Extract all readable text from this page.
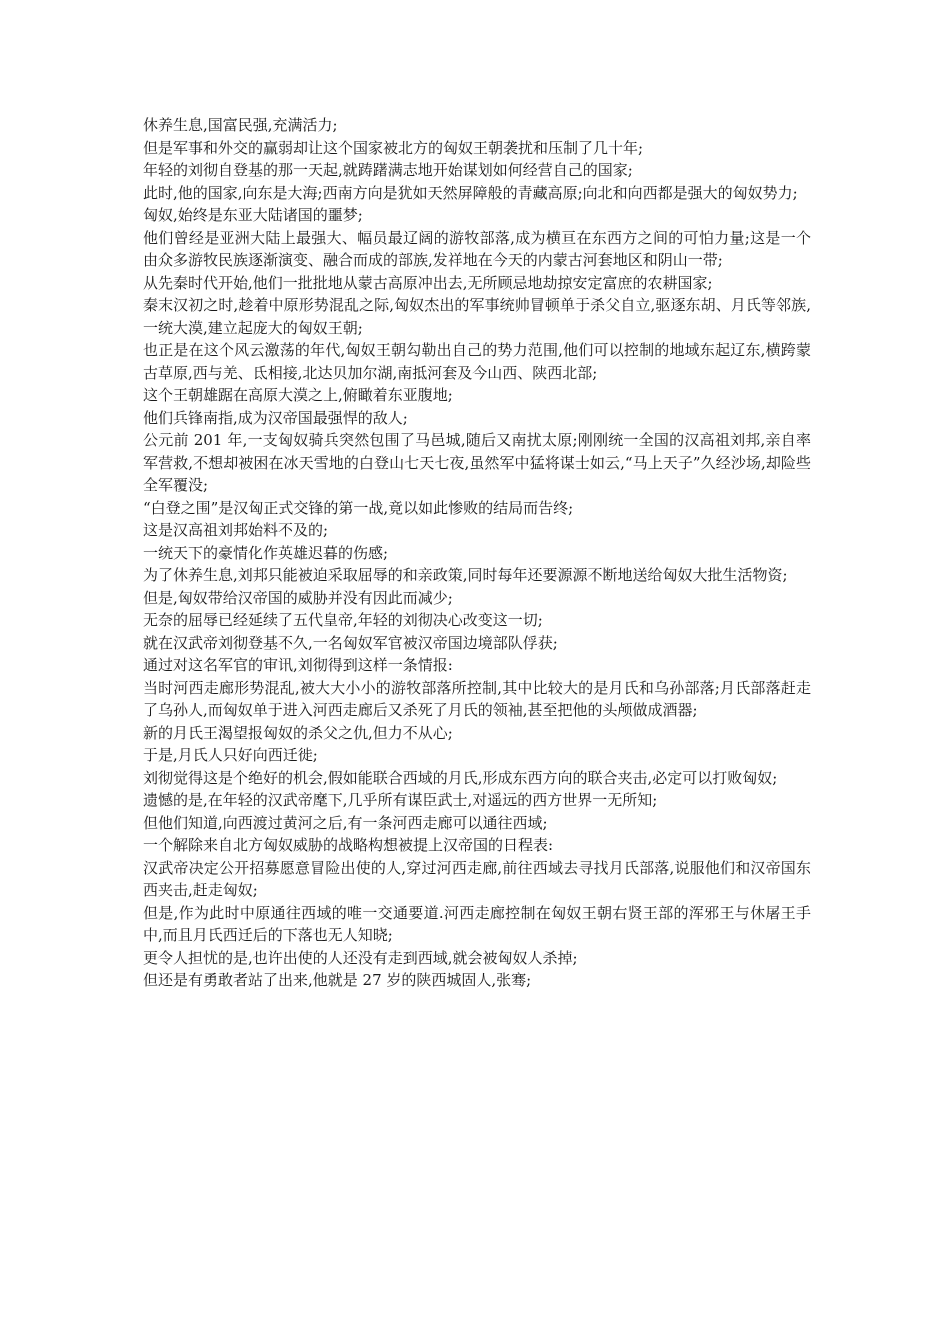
休养生息,国富民强,充满活力;

但是军事和外交的赢弱却让这个国家被北方的匈奴王朝袭扰和压制了几十年;

年轻的刘彻自登基的那一天起,就踌躇满志地开始谋划如何经营自己的国家;

此时,他的国家,向东是大海;西南方向是犹如天然屏障般的青藏高原;向北和向西都是强大的匈奴势力;

匈奴,始终是东亚大陆诸国的噩梦;

他们曾经是亚洲大陆上最强大、幅员最辽阔的游牧部落,成为横亘在东西方之间的可怕力量;这是一个由众多游牧民族逐渐演变、融合而成的部族,发祥地在今天的内蒙古河套地区和阴山一带;

从先秦时代开始,他们一批批地从蒙古高原冲出去,无所顾忌地劫掠安定富庶的农耕国家;

秦末汉初之时,趁着中原形势混乱之际,匈奴杰出的军事统帅冒顿单于杀父自立,驱逐东胡、月氏等邻族,一统大漠,建立起庞大的匈奴王朝;

也正是在这个风云激荡的年代,匈奴王朝勾勒出自己的势力范围,他们可以控制的地域东起辽东,横跨蒙古草原,西与羌、氐相接,北达贝加尔湖,南抵河套及今山西、陕西北部;

这个王朝雄踞在高原大漠之上,俯瞰着东亚腹地;

他们兵锋南指,成为汉帝国最强悍的敌人;

公元前 201 年,一支匈奴骑兵突然包围了马邑城,随后又南扰太原;刚刚统一全国的汉高祖刘邦,亲自率军营救,不想却被困在冰天雪地的白登山七天七夜,虽然军中猛将谋士如云,“马上天子”久经沙场,却险些全军覆没;

“白登之围”是汉匈正式交锋的第一战,竟以如此惨败的结局而告终;

这是汉高祖刘邦始料不及的;

一统天下的豪情化作英雄迟暮的伤感;

为了休养生息,刘邦只能被迫采取屈辱的和亲政策,同时每年还要源源不断地送给匈奴大批生活物资;

但是,匈奴带给汉帝国的威胁并没有因此而减少;

无奈的屈辱已经延续了五代皇帝,年轻的刘彻决心改变这一切;

就在汉武帝刘彻登基不久,一名匈奴军官被汉帝国边境部队俘获;

通过对这名军官的审讯,刘彻得到这样一条情报:

当时河西走廊形势混乱,被大大小小的游牧部落所控制,其中比较大的是月氏和乌孙部落;月氏部落赶走了乌孙人,而匈奴单于进入河西走廊后又杀死了月氏的领袖,甚至把他的头颅做成酒器;

新的月氏王渴望报匈奴的杀父之仇,但力不从心;

于是,月氏人只好向西迁徙;

刘彻觉得这是个绝好的机会,假如能联合西域的月氏,形成东西方向的联合夹击,必定可以打败匈奴;

遗憾的是,在年轻的汉武帝麾下,几乎所有谋臣武士,对遥远的西方世界一无所知;

但他们知道,向西渡过黄河之后,有一条河西走廊可以通往西域;

一个解除来自北方匈奴威胁的战略构想被提上汉帝国的日程表:

汉武帝决定公开招募愿意冒险出使的人,穿过河西走廊,前往西域去寻找月氏部落,说服他们和汉帝国东西夹击,赶走匈奴;

但是,作为此时中原通往西域的唯一交通要道.河西走廊控制在匈奴王朝右贤王部的浑邪王与休屠王手中,而且月氏西迁后的下落也无人知晓;

更令人担忧的是,也许出使的人还没有走到西域,就会被匈奴人杀掉;

但还是有勇敢者站了出来,他就是 27 岁的陕西城固人,张骞;
